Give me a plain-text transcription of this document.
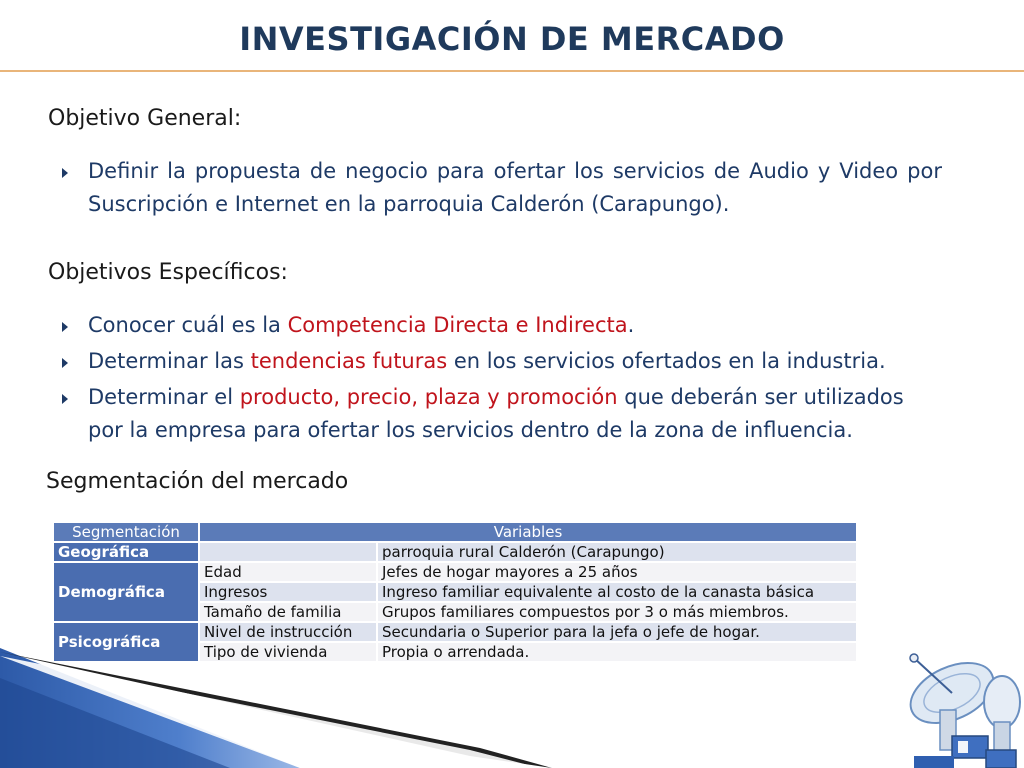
INVESTIGACIÓN DE MERCADO
Objetivo General:
Definir la propuesta de negocio para ofertar los servicios de Audio y Video por Suscripción e Internet en la parroquia Calderón (Carapungo).
Objetivos Específicos:
Conocer cuál es la Competencia Directa e Indirecta.
Determinar las tendencias futuras en los servicios ofertados en la industria.
Determinar el producto, precio, plaza y promoción que deberán ser utilizados por la empresa para ofertar los servicios dentro de la zona de influencia.
Segmentación del mercado
Segmentación	Variables	
Geográfica		parroquia rural Calderón (Carapungo)
Demográfica	Edad	Jefes de hogar mayores a 25 años
	Ingresos	Ingreso familiar equivalente al costo de la canasta básica
	Tamaño de familia	Grupos familiares compuestos por 3 o más miembros.
Psicográfica	Nivel de instrucción	Secundaria o Superior para la jefa o jefe de hogar.
	Tipo de vivienda	Propia o arrendada.
